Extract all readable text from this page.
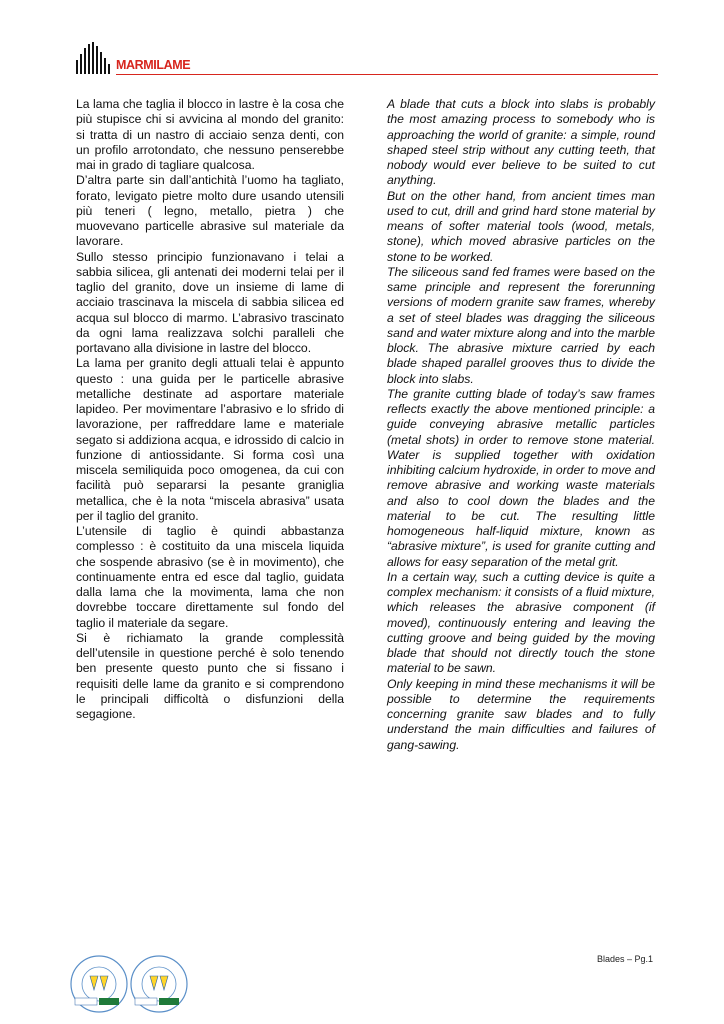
MARMILAME

La lama che taglia il blocco in lastre è la cosa che più stupisce chi si avvicina al mondo del granito: si tratta di un nastro di acciaio senza denti, con un profilo arrotondato, che nessuno penserebbe mai in grado di tagliare qualcosa.

D’altra parte sin dall’antichità l’uomo ha tagliato, forato, levigato pietre molto dure usando utensili più teneri ( legno, metallo, pietra ) che muovevano particelle abrasive sul materiale da lavorare.

Sullo stesso principio funzionavano i telai a sabbia silicea, gli antenati dei moderni telai per il taglio del granito, dove un insieme di lame di acciaio trascinava la miscela di sabbia silicea ed acqua sul blocco di marmo. L’abrasivo trascinato da ogni lama realizzava solchi paralleli che portavano alla divisione in lastre del blocco.

La lama per granito degli attuali telai è appunto questo : una guida per le particelle abrasive metalliche destinate ad asportare materiale lapideo. Per movimentare l’abrasivo e lo sfrido di lavorazione, per raffreddare lame e materiale segato si addiziona acqua, e idrossido di calcio in funzione di antiossidante. Si forma così una miscela semiliquida poco omogenea, da cui con facilità può separarsi la pesante graniglia metallica, che è la nota “miscela abrasiva” usata per il taglio del granito.

L’utensile di taglio è quindi abbastanza complesso : è costituito da una miscela liquida che sospende abrasivo (se è in movimento), che continuamente entra ed esce dal taglio, guidata dalla lama che la movimenta, lama che non dovrebbe toccare direttamente sul fondo del taglio il materiale da segare.

Si è richiamato la grande complessità dell’utensile in questione perché è solo tenendo ben presente questo punto che si fissano i requisiti delle lame da granito e si comprendono le principali difficoltà o disfunzioni della segagione.

A blade that cuts a block into slabs is probably the most amazing process to somebody who is approaching the world of granite: a simple, round shaped steel strip without any cutting teeth, that nobody would ever believe to be suited to cut anything.

But on the other hand, from ancient times man used to cut, drill and grind hard stone material by means of softer material tools (wood, metals, stone), which moved abrasive particles on the stone to be worked.

The siliceous sand fed frames were based on the same principle and represent the forerunning versions of modern granite saw frames, whereby a set of steel blades was dragging the siliceous sand and water mixture along and into the marble block. The abrasive mixture carried by each blade shaped parallel grooves thus to divide the block into slabs.

The granite cutting blade of today’s saw frames reflects exactly the above mentioned principle: a guide conveying abrasive metallic particles (metal shots) in order to remove stone material. Water is supplied together with oxidation inhibiting calcium hydroxide, in order to move and remove abrasive and working waste materials and also to cool down the blades and the material to be cut. The resulting little homogeneous half-liquid mixture, known as “abrasive mixture”, is used for granite cutting and allows for easy separation of the metal grit.

In a certain way, such a cutting device is quite a complex mechanism: it consists of a fluid mixture, which releases the abrasive component (if moved), continuously entering and leaving the cutting groove and being guided by the moving blade that should not directly touch the stone material to be sawn.

Only keeping in mind these mechanisms it will be possible to determine the requirements concerning granite saw blades and to fully understand the main difficulties and failures of gang-sawing.

Blades – Pg.1
